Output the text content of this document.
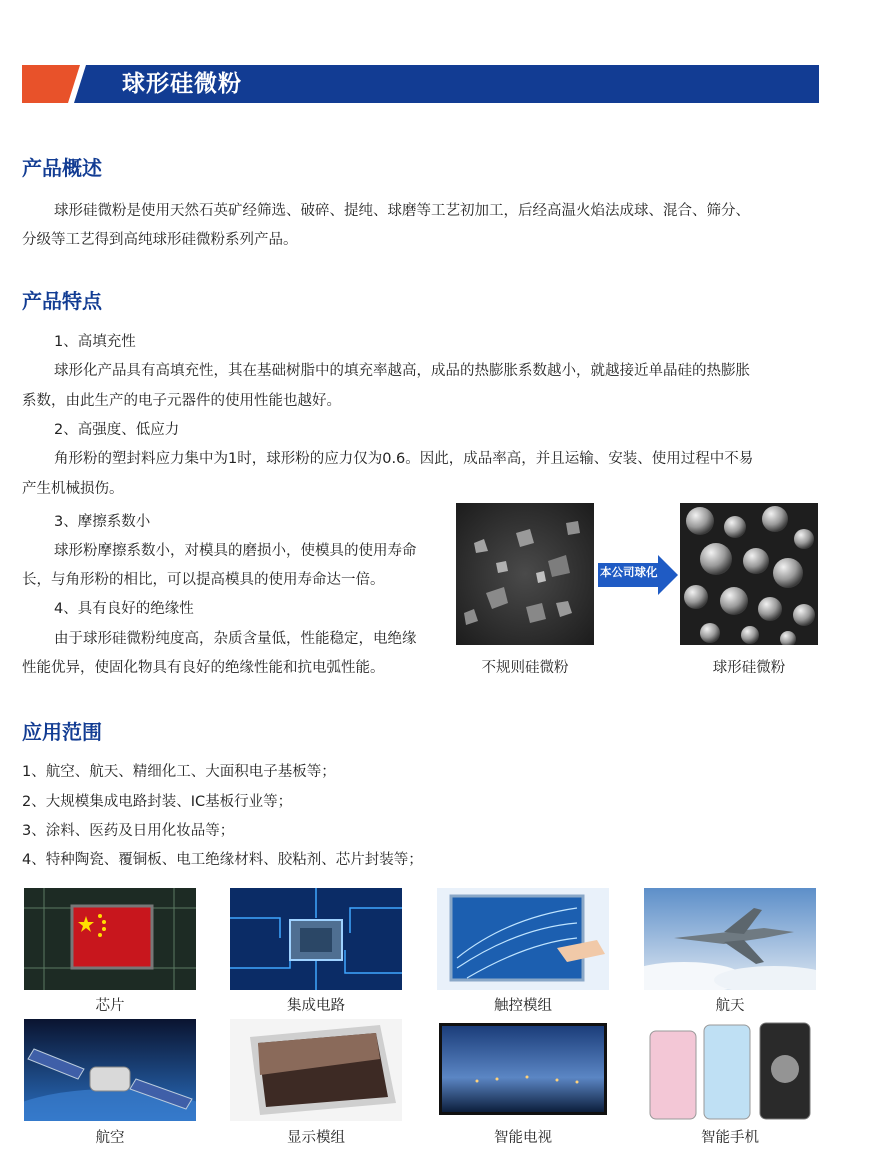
球形硅微粉
产品概述
球形硅微粉是使用天然石英矿经筛选、破碎、提纯、球磨等工艺初加工，后经高温火焰法成球、混合、筛分、
分级等工艺得到高纯球形硅微粉系列产品。
产品特点
1、高填充性
球形化产品具有高填充性，其在基础树脂中的填充率越高，成品的热膨胀系数越小，就越接近单晶硅的热膨胀
系数，由此生产的电子元器件的使用性能也越好。
2、高强度、低应力
角形粉的塑封料应力集中为1时，球形粉的应力仅为0.6。因此，成品率高，并且运输、安装、使用过程中不易
产生机械损伤。
3、摩擦系数小
球形粉摩擦系数小，对模具的磨损小，使模具的使用寿命
长，与角形粉的相比，可以提高模具的使用寿命达一倍。
4、具有良好的绝缘性
由于球形硅微粉纯度高，杂质含量低，性能稳定，电绝缘
性能优异，使固化物具有良好的绝缘性能和抗电弧性能。
本公司球化
不规则硅微粉	球形硅微粉
应用范围
1、航空、航天、精细化工、大面积电子基板等；
2、大规模集成电路封装、IC基板行业等；
3、涂料、医药及日用化妆品等；
4、特种陶瓷、覆铜板、电工绝缘材料、胶粘剂、芯片封装等；
芯片	集成电路	触控模组	航天
航空	显示模组	智能电视	智能手机
